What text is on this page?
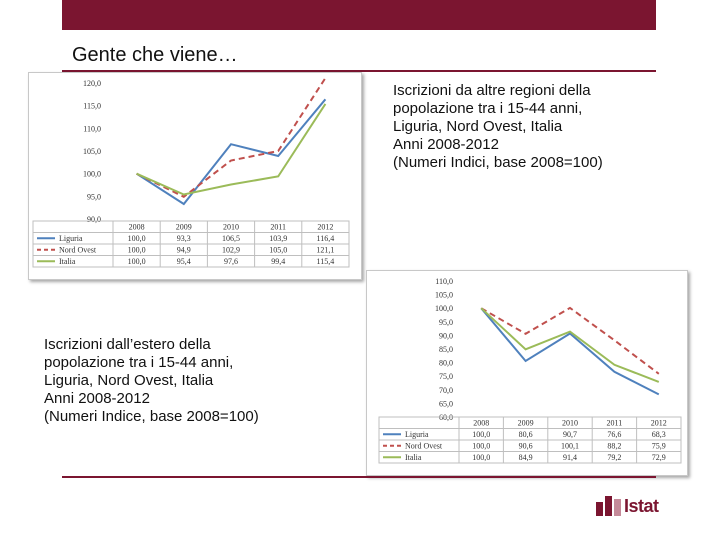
Gente che viene…
90,0
95,0
100,0
105,0
110,0
115,0
120,0
2008	2009	2010	2011	2012
Liguria	100,0	93,3	106,5	103,9	116,4
Nord Ovest	100,0	94,9	102,9	105,0	121,1
Italia	100,0	95,4	97,6	99,4	115,4
Iscrizioni da altre regioni della
popolazione tra i 15-44 anni,
Liguria, Nord Ovest, Italia
Anni 2008-2012
(Numeri Indici, base 2008=100)
Iscrizioni dall’estero della
popolazione tra i 15-44 anni,
Liguria, Nord Ovest, Italia
Anni 2008-2012
(Numeri Indice, base 2008=100)	60,0
65,0
70,0
75,0
80,0
85,0
90,0
95,0
100,0
105,0
110,0
2008	2009	2010	2011	2012
Liguria	100,0	80,6	90,7	76,6	68,3
Nord Ovest	100,0	90,6	100,1	88,2	75,9
Italia	100,0	84,9	91,4	79,2	72,9
Istat
